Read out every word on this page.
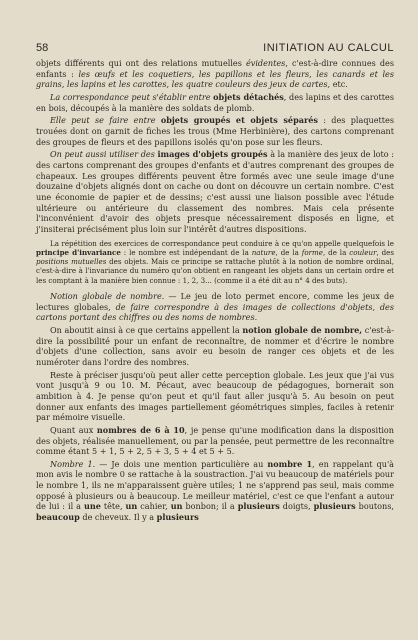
58	INITIATION AU CALCUL

objets différents qui ont des relations mutuelles évidentes, c'est-à-dire connues des enfants : les œufs et les coquetiers, les papillons et les fleurs, les canards et les grains, les lapins et les carottes, les quatre couleurs des jeux de cartes, etc.

La correspondance peut s'établir entre objets détachés, des lapins et des carottes en bois, découpés à la manière des soldats de plomb.

Elle peut se faire entre objets groupés et objets séparés : des plaquettes trouées dont on garnit de fiches les trous (Mme Herbinière), des cartons comprenant des groupes de fleurs et des papillons isolés qu'on pose sur les fleurs.

On peut aussi utiliser des images d'objets groupés à la manière des jeux de loto : des cartons comprenant des groupes d'enfants et d'autres comprenant des groupes de chapeaux. Les groupes différents peuvent être formés avec une seule image d'une douzaine d'objets alignés dont on cache ou dont on découvre un certain nombre. C'est une économie de papier et de dessins; c'est aussi une liaison possible avec l'étude ultérieure ou antérieure du classement des nombres. Mais cela présente l'inconvénient d'avoir des objets presque nécessairement disposés en ligne, et j'insiterai précisément plus loin sur l'intérêt d'autres dispositions.

La répétition des exercices de correspondance peut conduire à ce qu'on appelle quelquefois le principe d'invariance : le nombre est indépendant de la nature, de la forme, de la couleur, des positions mutuelles des objets. Mais ce principe se rattache plutôt à la notion de nombre ordinal, c'est-à-dire à l'invariance du numéro qu'on obtient en rangeant les objets dans un certain ordre et les comptant à la manière bien connue : 1, 2, 3... (comme il a été dit au n° 4 des buts).

Notion globale de nombre. — Le jeu de loto permet encore, comme les jeux de lectures globales, de faire correspondre à des images de collections d'objets, des cartons portant des chiffres ou des noms de nombres.

On aboutit ainsi à ce que certains appellent la notion globale de nombre, c'est-à-dire la possibilité pour un enfant de reconnaître, de nommer et d'écrire le nombre d'objets d'une collection, sans avoir eu besoin de ranger ces objets et de les numéroter dans l'ordre des nombres.

Reste à préciser jusqu'où peut aller cette perception globale. Les jeux que j'ai vus vont jusqu'à 9 ou 10. M. Pécaut, avec beaucoup de pédagogues, bornerait son ambition à 4. Je pense qu'on peut et qu'il faut aller jusqu'à 5. Au besoin on peut donner aux enfants des images partiellement géométriques simples, faciles à retenir par mémoire visuelle.

Quant aux nombres de 6 à 10, je pense qu'une modification dans la disposition des objets, réalisée manuellement, ou par la pensée, peut permettre de les reconnaître comme étant 5 + 1, 5 + 2, 5 + 3, 5 + 4 et 5 + 5.

Nombre 1. — Je dois une mention particulière au nombre 1, en rappelant qu'à mon avis le nombre 0 se rattache à la soustraction. J'ai vu beaucoup de matériels pour le nombre 1, ils ne m'apparaissent guère utiles; 1 ne s'apprend pas seul, mais comme opposé à plusieurs ou à beaucoup. Le meilleur matériel, c'est ce que l'enfant a autour de lui : il a une tête, un cahier, un bonbon; il a plusieurs doigts, plusieurs boutons, beaucoup de cheveux. Il y a plusieurs
